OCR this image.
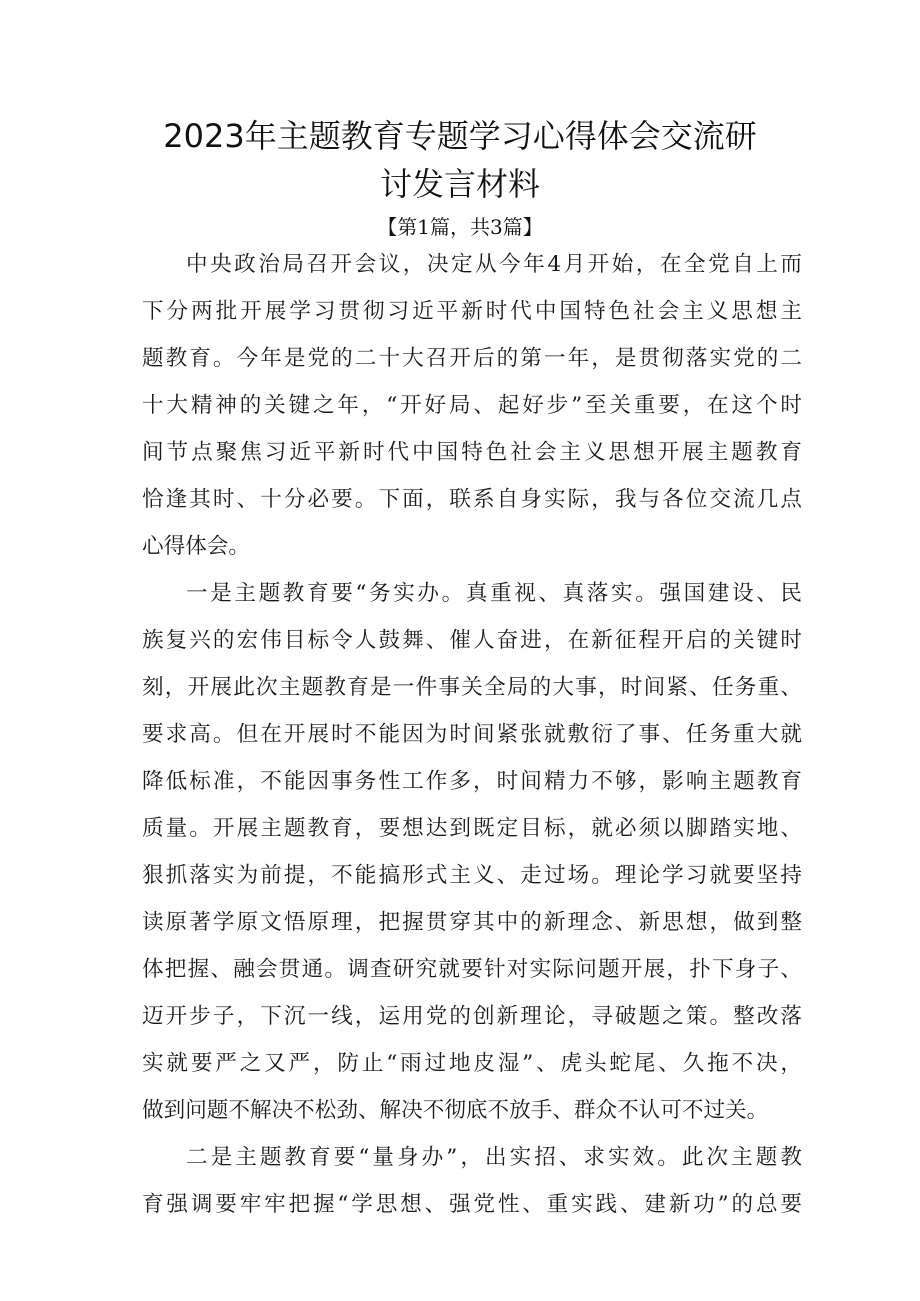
2023年主题教育专题学习心得体会交流研
讨发言材料
【第1篇，共3篇】
中央政治局召开会议，决定从今年4月开始，在全党自上而
下分两批开展学习贯彻习近平新时代中国特色社会主义思想主
题教育。今年是党的二十大召开后的第一年，是贯彻落实党的二
十大精神的关键之年，“开好局、起好步”至关重要，在这个时
间节点聚焦习近平新时代中国特色社会主义思想开展主题教育
恰逢其时、十分必要。下面，联系自身实际，我与各位交流几点
心得体会。
一是主题教育要“务实办。真重视、真落实。强国建设、民
族复兴的宏伟目标令人鼓舞、催人奋进，在新征程开启的关键时
刻，开展此次主题教育是一件事关全局的大事，时间紧、任务重、
要求高。但在开展时不能因为时间紧张就敷衍了事、任务重大就
降低标准，不能因事务性工作多，时间精力不够，影响主题教育
质量。开展主题教育，要想达到既定目标，就必须以脚踏实地、
狠抓落实为前提，不能搞形式主义、走过场。理论学习就要坚持
读原著学原文悟原理，把握贯穿其中的新理念、新思想，做到整
体把握、融会贯通。调查研究就要针对实际问题开展，扑下身子、
迈开步子，下沉一线，运用党的创新理论，寻破题之策。整改落
实就要严之又严，防止“雨过地皮湿”、虎头蛇尾、久拖不决，
做到问题不解决不松劲、解决不彻底不放手、群众不认可不过关。
二是主题教育要“量身办”，出实招、求实效。此次主题教
育强调要牢牢把握“学思想、强党性、重实践、建新功”的总要
